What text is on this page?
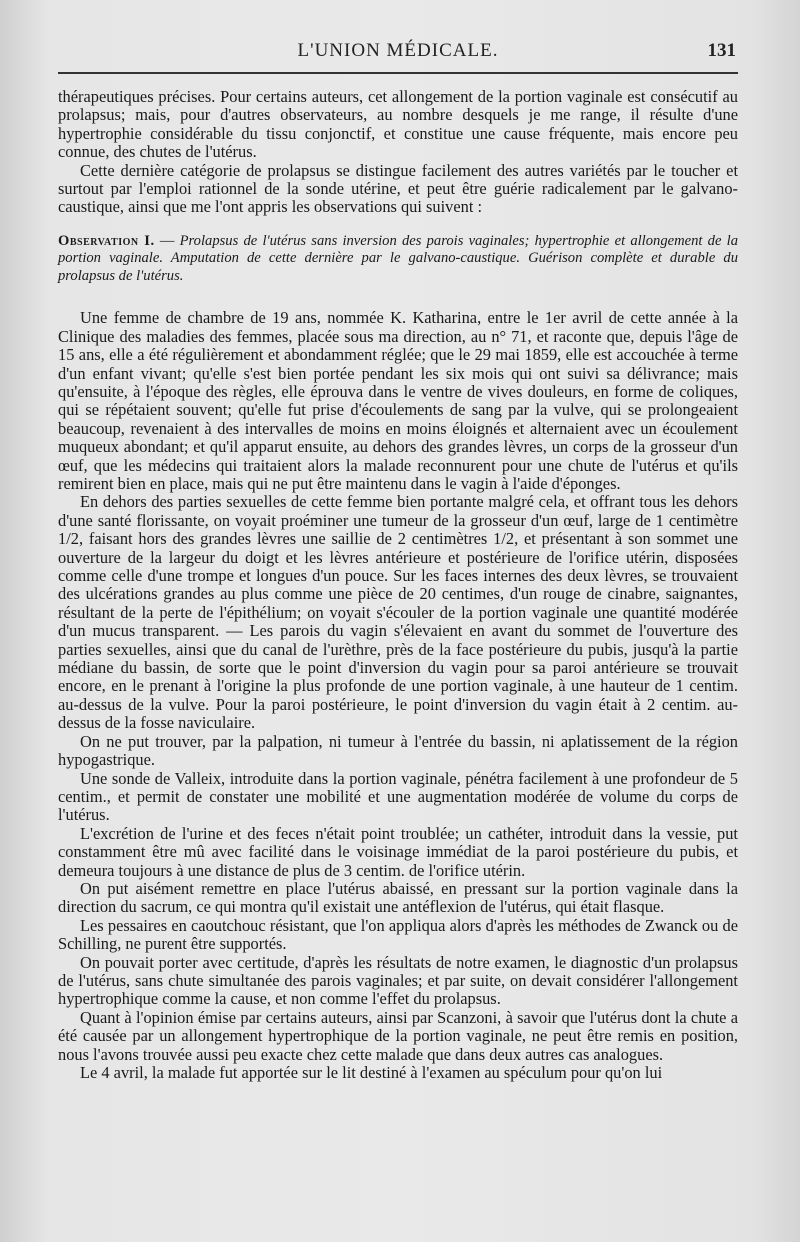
L'UNION MÉDICALE.	131

thérapeutiques précises. Pour certains auteurs, cet allongement de la portion vaginale est consécutif au prolapsus; mais, pour d'autres observateurs, au nombre desquels je me range, il résulte d'une hypertrophie considérable du tissu conjonctif, et constitue une cause fréquente, mais encore peu connue, des chutes de l'utérus.

Cette dernière catégorie de prolapsus se distingue facilement des autres variétés par le toucher et surtout par l'emploi rationnel de la sonde utérine, et peut être guérie radicalement par le galvano-caustique, ainsi que me l'ont appris les observations qui suivent :

Observation I. — Prolapsus de l'utérus sans inversion des parois vaginales; hypertrophie et allongement de la portion vaginale. Amputation de cette dernière par le galvano-caustique. Guérison complète et durable du prolapsus de l'utérus.

Une femme de chambre de 19 ans, nommée K. Katharina, entre le 1er avril de cette année à la Clinique des maladies des femmes, placée sous ma direction, au n° 71, et raconte que, depuis l'âge de 15 ans, elle a été régulièrement et abondamment réglée; que le 29 mai 1859, elle est accouchée à terme d'un enfant vivant; qu'elle s'est bien portée pendant les six mois qui ont suivi sa délivrance; mais qu'ensuite, à l'époque des règles, elle éprouva dans le ventre de vives douleurs, en forme de coliques, qui se répétaient souvent; qu'elle fut prise d'écoulements de sang par la vulve, qui se prolongeaient beaucoup, revenaient à des intervalles de moins en moins éloignés et alternaient avec un écoulement muqueux abondant; et qu'il apparut ensuite, au dehors des grandes lèvres, un corps de la grosseur d'un œuf, que les médecins qui traitaient alors la malade reconnurent pour une chute de l'utérus et qu'ils remirent bien en place, mais qui ne put être maintenu dans le vagin à l'aide d'éponges.

En dehors des parties sexuelles de cette femme bien portante malgré cela, et offrant tous les dehors d'une santé florissante, on voyait proéminer une tumeur de la grosseur d'un œuf, large de 1 centimètre 1/2, faisant hors des grandes lèvres une saillie de 2 centimètres 1/2, et présentant à son sommet une ouverture de la largeur du doigt et les lèvres antérieure et postérieure de l'orifice utérin, disposées comme celle d'une trompe et longues d'un pouce. Sur les faces internes des deux lèvres, se trouvaient des ulcérations grandes au plus comme une pièce de 20 centimes, d'un rouge de cinabre, saignantes, résultant de la perte de l'épithélium; on voyait s'écouler de la portion vaginale une quantité modérée d'un mucus transparent. — Les parois du vagin s'élevaient en avant du sommet de l'ouverture des parties sexuelles, ainsi que du canal de l'urèthre, près de la face postérieure du pubis, jusqu'à la partie médiane du bassin, de sorte que le point d'inversion du vagin pour sa paroi antérieure se trouvait encore, en le prenant à l'origine la plus profonde de une portion vaginale, à une hauteur de 1 centim. au-dessus de la vulve. Pour la paroi postérieure, le point d'inversion du vagin était à 2 centim. au-dessus de la fosse naviculaire.

On ne put trouver, par la palpation, ni tumeur à l'entrée du bassin, ni aplatissement de la région hypogastrique.

Une sonde de Valleix, introduite dans la portion vaginale, pénétra facilement à une profondeur de 5 centim., et permit de constater une mobilité et une augmentation modérée de volume du corps de l'utérus.

L'excrétion de l'urine et des feces n'était point troublée; un cathéter, introduit dans la vessie, put constamment être mû avec facilité dans le voisinage immédiat de la paroi postérieure du pubis, et demeura toujours à une distance de plus de 3 centim. de l'orifice utérin.

On put aisément remettre en place l'utérus abaissé, en pressant sur la portion vaginale dans la direction du sacrum, ce qui montra qu'il existait une antéflexion de l'utérus, qui était flasque.

Les pessaires en caoutchouc résistant, que l'on appliqua alors d'après les méthodes de Zwanck ou de Schilling, ne purent être supportés.

On pouvait porter avec certitude, d'après les résultats de notre examen, le diagnostic d'un prolapsus de l'utérus, sans chute simultanée des parois vaginales; et par suite, on devait considérer l'allongement hypertrophique comme la cause, et non comme l'effet du prolapsus.

Quant à l'opinion émise par certains auteurs, ainsi par Scanzoni, à savoir que l'utérus dont la chute a été causée par un allongement hypertrophique de la portion vaginale, ne peut être remis en position, nous l'avons trouvée aussi peu exacte chez cette malade que dans deux autres cas analogues.

Le 4 avril, la malade fut apportée sur le lit destiné à l'examen au spéculum pour qu'on lui
